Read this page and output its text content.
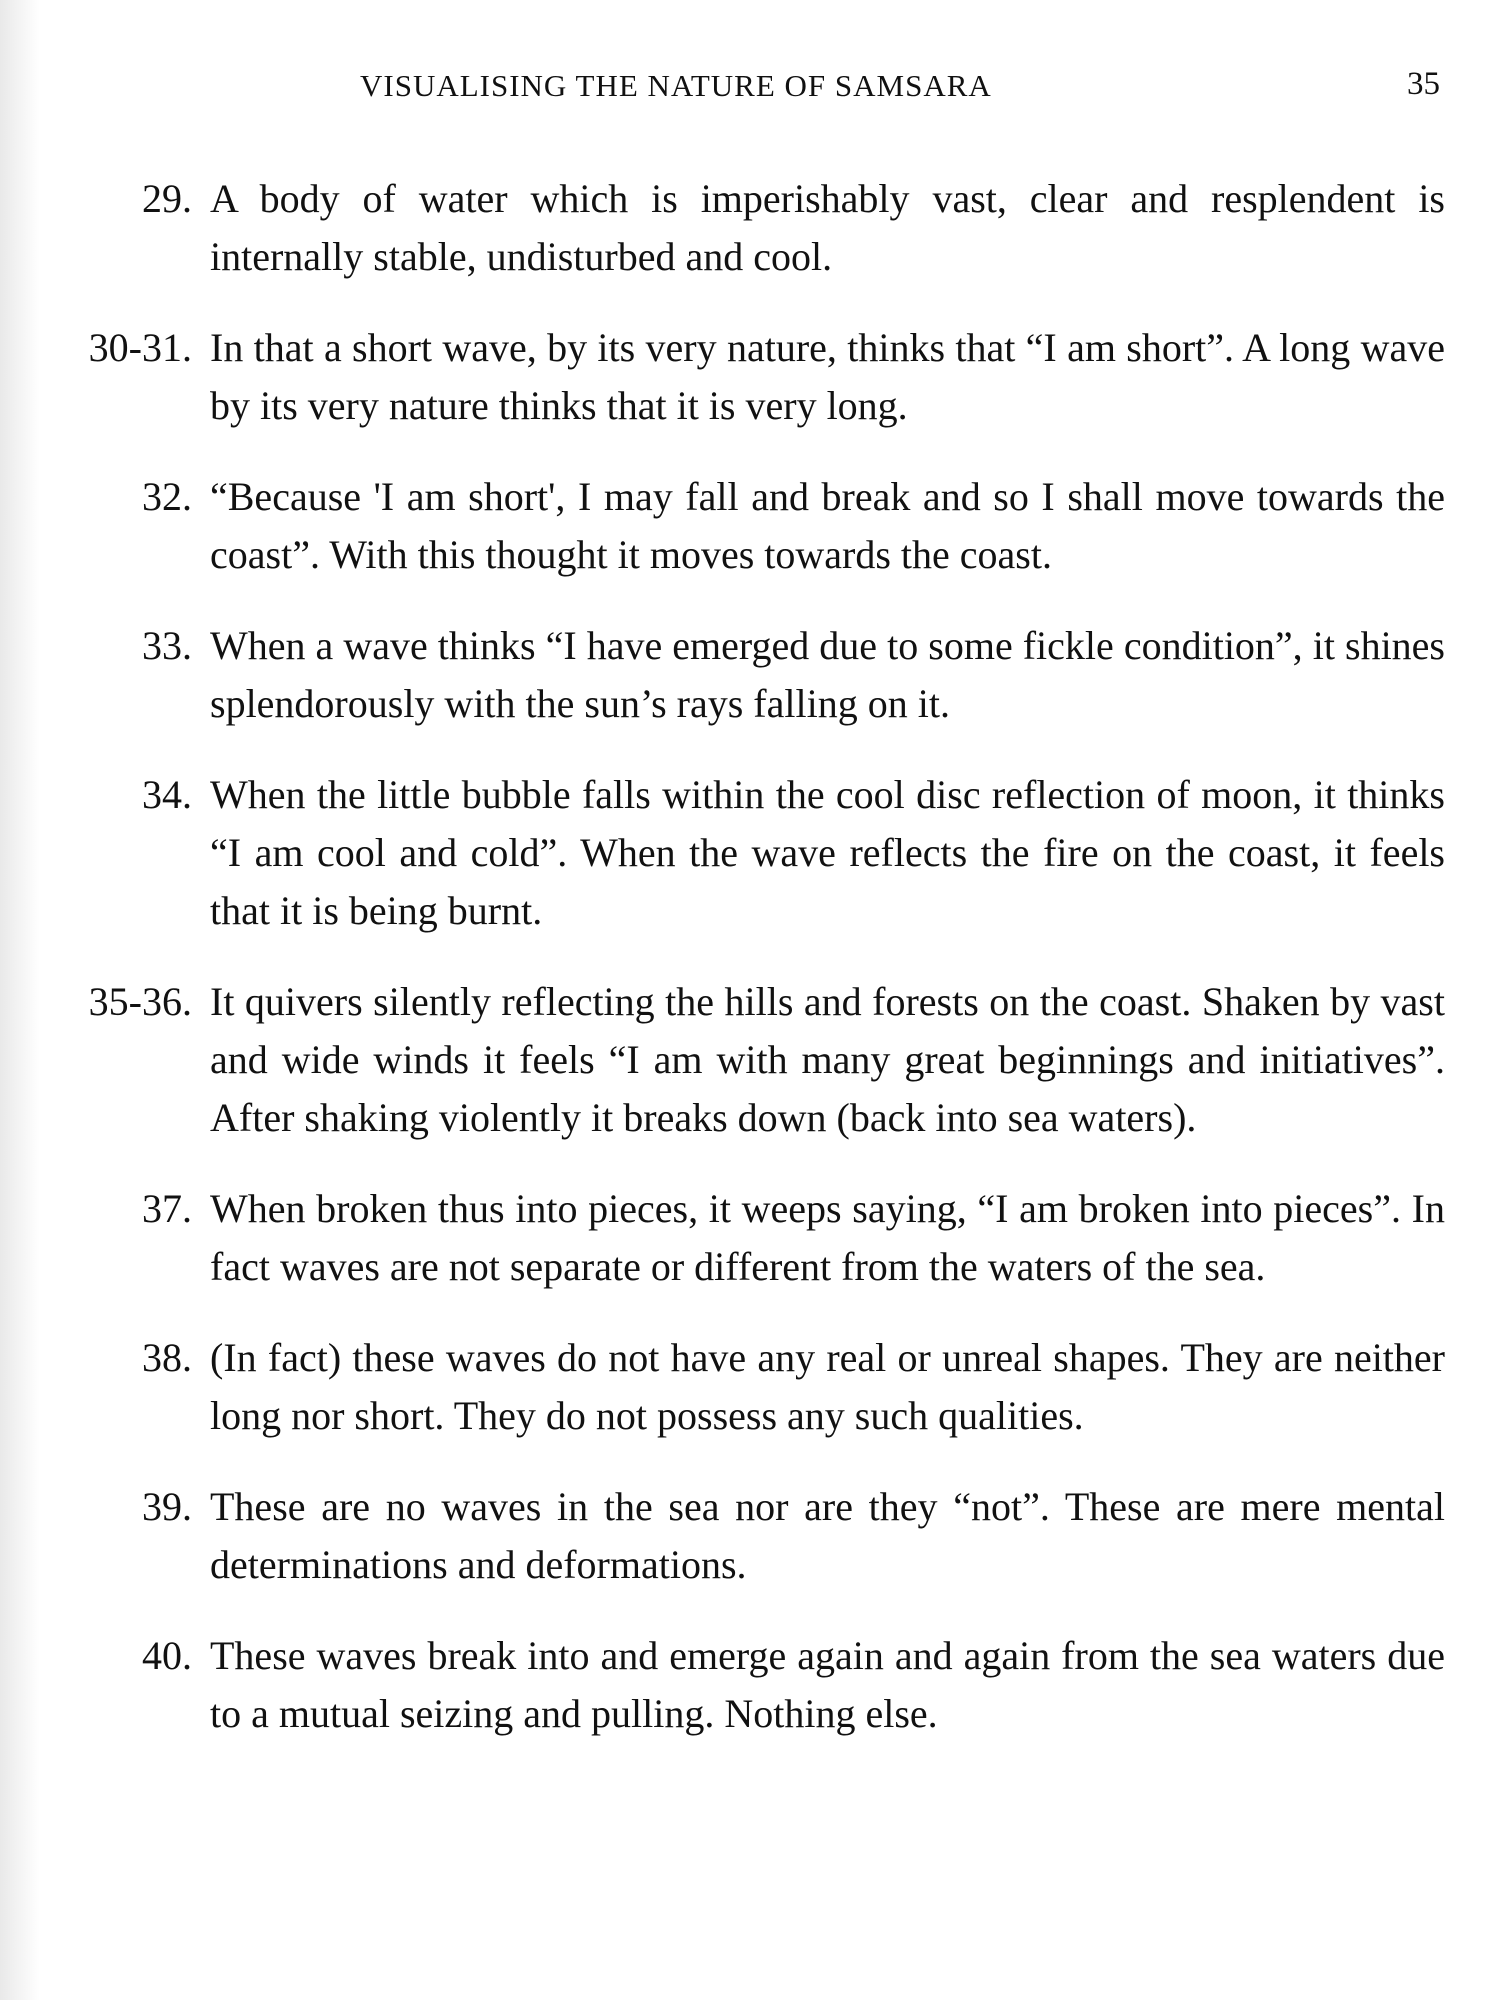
VISUALISING THE NATURE OF SAMSARA	35
29. A body of water which is imperishably vast, clear and resplendent is internally stable, undisturbed and cool.
30-31. In that a short wave, by its very nature, thinks that “I am short”. A long wave by its very nature thinks that it is very long.
32. “Because 'I am short', I may fall and break and so I shall move towards the coast”. With this thought it moves towards the coast.
33. When a wave thinks “I have emerged due to some fickle condition”, it shines splendorously with the sun’s rays falling on it.
34. When the little bubble falls within the cool disc reflection of moon, it thinks “I am cool and cold”. When the wave reflects the fire on the coast, it feels that it is being burnt.
35-36. It quivers silently reflecting the hills and forests on the coast. Shaken by vast and wide winds it feels “I am with many great beginnings and initiatives”. After shaking violently it breaks down (back into sea waters).
37. When broken thus into pieces, it weeps saying, “I am broken into pieces”. In fact waves are not separate or different from the waters of the sea.
38. (In fact) these waves do not have any real or unreal shapes. They are neither long nor short. They do not possess any such qualities.
39. These are no waves in the sea nor are they “not”. These are mere mental determinations and deformations.
40. These waves break into and emerge again and again from the sea waters due to a mutual seizing and pulling. Nothing else.
